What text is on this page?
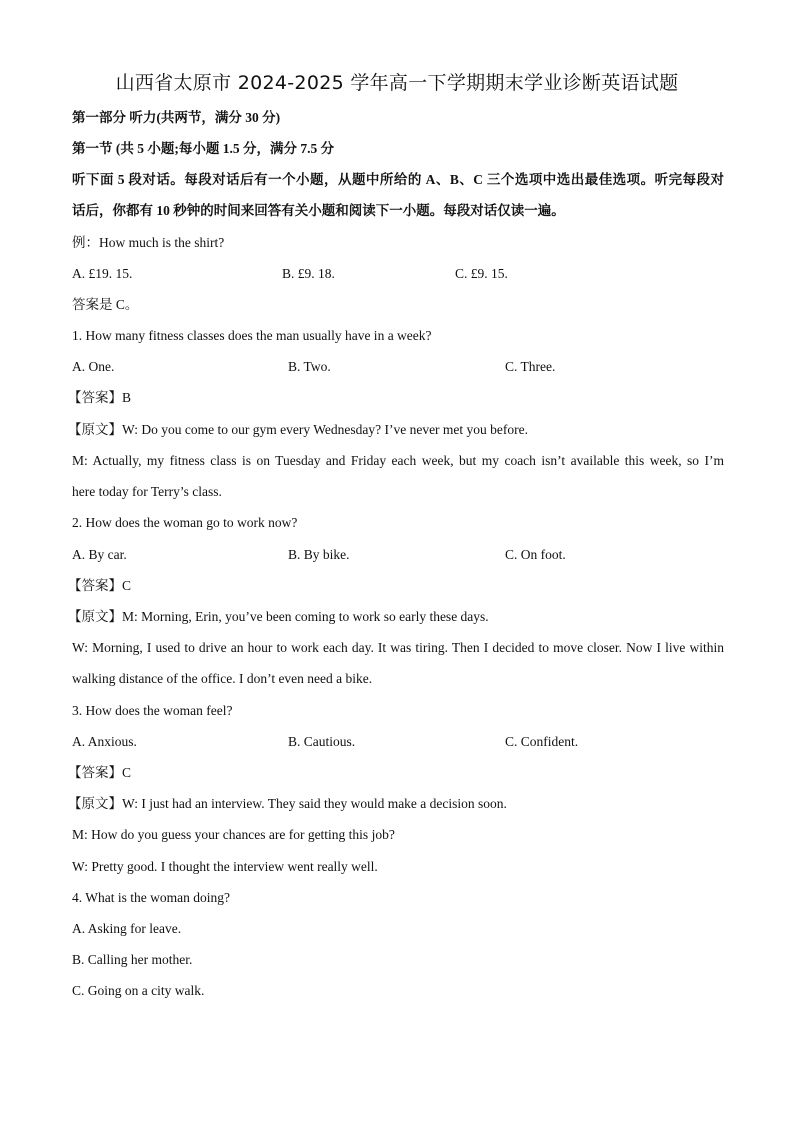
山西省太原市 2024-2025 学年高一下学期期末学业诊断英语试题
第一部分 听力(共两节，满分 30 分)
第一节 (共 5 小题;每小题 1.5 分，满分 7.5 分
听下面 5 段对话。每段对话后有一个小题，从题中所给的 A、B、C 三个选项中选出最佳选项。听完每段对
话后，你都有 10 秒钟的时间来回答有关小题和阅读下一小题。每段对话仅读一遍。
例：How much is the shirt?
A. £19. 15.	B. £9. 18.	C. £9. 15.
答案是 C。
1. How many fitness classes does the man usually have in a week?
A. One.	B. Two.	C. Three.
【答案】B
【原文】W: Do you come to our gym every Wednesday? I’ve never met you before.
M: Actually, my fitness class is on Tuesday and Friday each week, but my coach isn’t available this week, so I’m
here today for Terry’s class.
2. How does the woman go to work now?
A. By car.	B. By bike.	C. On foot.
【答案】C
【原文】M: Morning, Erin, you’ve been coming to work so early these days.
W: Morning, I used to drive an hour to work each day. It was tiring. Then I decided to move closer. Now I live within
walking distance of the office. I don’t even need a bike.
3. How does the woman feel?
A. Anxious.	B. Cautious.	C. Confident.
【答案】C
【原文】W: I just had an interview. They said they would make a decision soon.
M: How do you guess your chances are for getting this job?
W: Pretty good. I thought the interview went really well.
4. What is the woman doing?
A. Asking for leave.
B. Calling her mother.
C. Going on a city walk.
